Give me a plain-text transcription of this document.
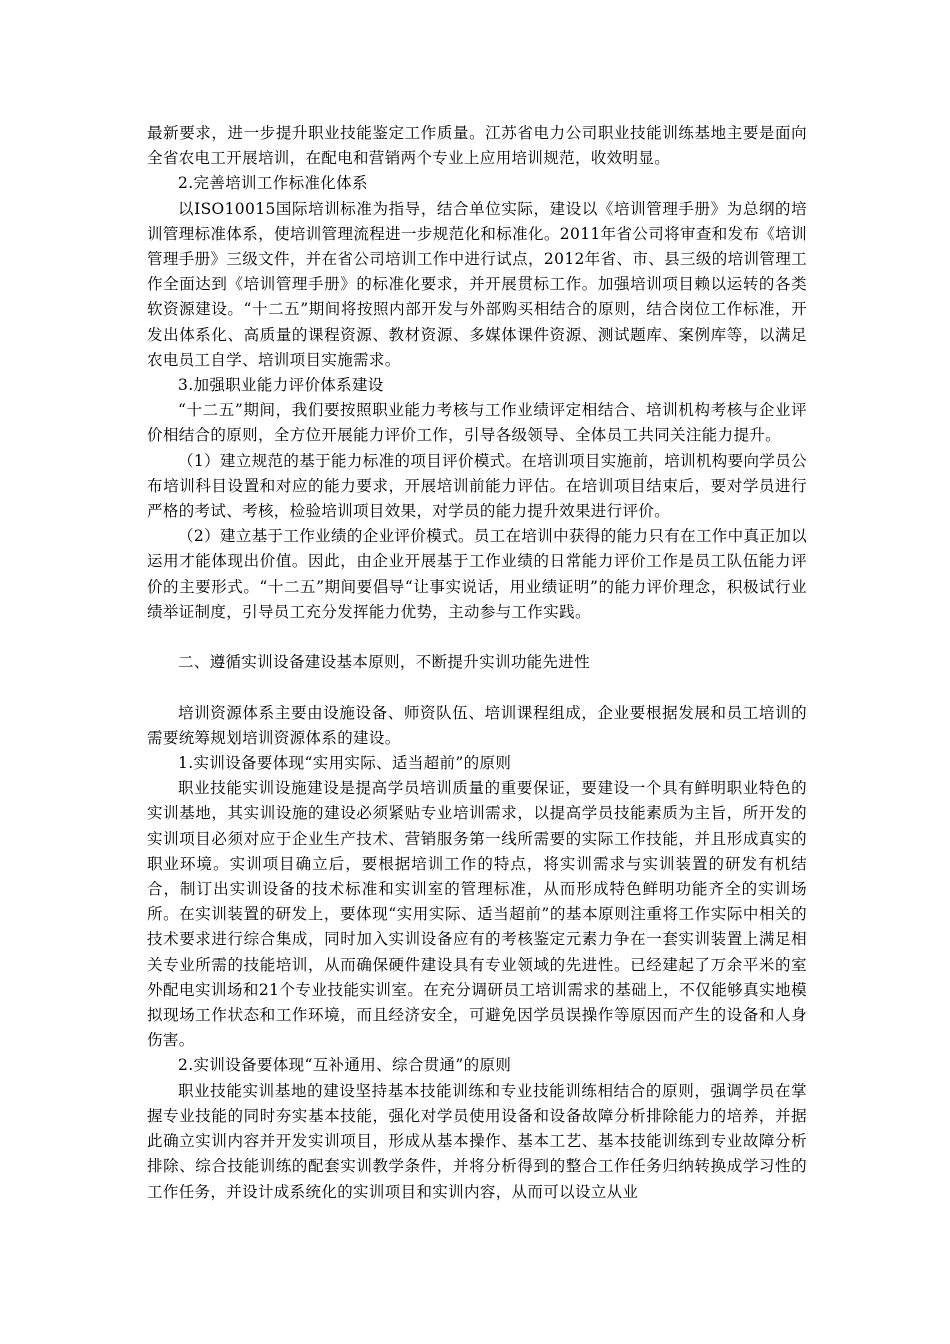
最新要求，进一步提升职业技能鉴定工作质量。江苏省电力公司职业技能训练基地主要是面向全省农电工开展培训，在配电和营销两个专业上应用培训规范，收效明显。

2.完善培训工作标准化体系

以ISO10015国际培训标准为指导，结合单位实际，建设以《培训管理手册》为总纲的培训管理标准体系，使培训管理流程进一步规范化和标准化。2011年省公司将审查和发布《培训管理手册》三级文件，并在省公司培训工作中进行试点，2012年省、市、县三级的培训管理工作全面达到《培训管理手册》的标准化要求，并开展贯标工作。加强培训项目赖以运转的各类软资源建设。“十二五”期间将按照内部开发与外部购买相结合的原则，结合岗位工作标准，开发出体系化、高质量的课程资源、教材资源、多媒体课件资源、测试题库、案例库等，以满足农电员工自学、培训项目实施需求。

3.加强职业能力评价体系建设

“十二五”期间，我们要按照职业能力考核与工作业绩评定相结合、培训机构考核与企业评价相结合的原则，全方位开展能力评价工作，引导各级领导、全体员工共同关注能力提升。

（1）建立规范的基于能力标准的项目评价模式。在培训项目实施前，培训机构要向学员公布培训科目设置和对应的能力要求，开展培训前能力评估。在培训项目结束后，要对学员进行严格的考试、考核，检验培训项目效果，对学员的能力提升效果进行评价。

（2）建立基于工作业绩的企业评价模式。员工在培训中获得的能力只有在工作中真正加以运用才能体现出价值。因此，由企业开展基于工作业绩的日常能力评价工作是员工队伍能力评价的主要形式。“十二五”期间要倡导“让事实说话，用业绩证明”的能力评价理念，积极试行业绩举证制度，引导员工充分发挥能力优势，主动参与工作实践。

二、遵循实训设备建设基本原则，不断提升实训功能先进性

培训资源体系主要由设施设备、师资队伍、培训课程组成，企业要根据发展和员工培训的需要统筹规划培训资源体系的建设。

1.实训设备要体现“实用实际、适当超前”的原则

职业技能实训设施建设是提高学员培训质量的重要保证，要建设一个具有鲜明职业特色的实训基地，其实训设施的建设必须紧贴专业培训需求，以提高学员技能素质为主旨，所开发的实训项目必须对应于企业生产技术、营销服务第一线所需要的实际工作技能，并且形成真实的职业环境。实训项目确立后，要根据培训工作的特点，将实训需求与实训装置的研发有机结合，制订出实训设备的技术标准和实训室的管理标准，从而形成特色鲜明功能齐全的实训场所。在实训装置的研发上，要体现“实用实际、适当超前”的基本原则注重将工作实际中相关的技术要求进行综合集成，同时加入实训设备应有的考核鉴定元素力争在一套实训装置上满足相关专业所需的技能培训，从而确保硬件建设具有专业领域的先进性。已经建起了万余平米的室外配电实训场和21个专业技能实训室。在充分调研员工培训需求的基础上，不仅能够真实地模拟现场工作状态和工作环境，而且经济安全，可避免因学员误操作等原因而产生的设备和人身伤害。

2.实训设备要体现“互补通用、综合贯通”的原则

职业技能实训基地的建设坚持基本技能训练和专业技能训练相结合的原则，强调学员在掌握专业技能的同时夯实基本技能，强化对学员使用设备和设备故障分析排除能力的培养，并据此确立实训内容并开发实训项目，形成从基本操作、基本工艺、基本技能训练到专业故障分析排除、综合技能训练的配套实训教学条件，并将分析得到的整合工作任务归纳转换成学习性的工作任务，并设计成系统化的实训项目和实训内容，从而可以设立从业
